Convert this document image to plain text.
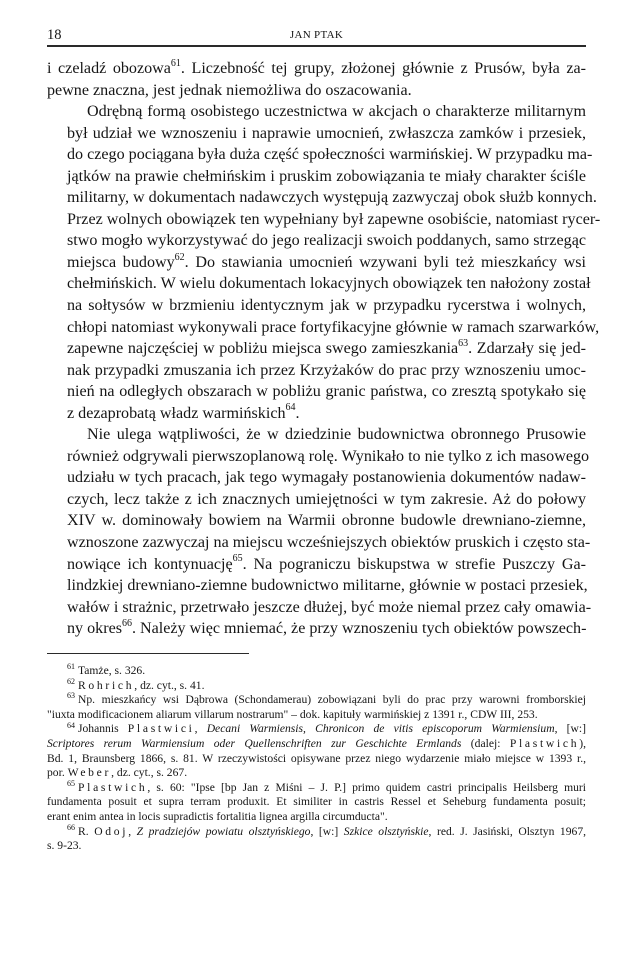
18	JAN PTAK

i czeladź obozowa$^{61}$. Liczebność tej grupy, złożonej głównie z Prusów, była za-
pewne znaczna, jest jednak niemożliwa do oszacowania.

Odrębną formą osobistego uczestnictwa w akcjach o charakterze militarnym
był udział we wznoszeniu i naprawie umocnień, zwłaszcza zamków i przesiek,
do czego pociągana była duża część społeczności warmińskiej. W przypadku ma-
jątków na prawie chełmińskim i pruskim zobowiązania te miały charakter ściśle
militarny, w dokumentach nadawczych występują zazwyczaj obok służb konnych.
Przez wolnych obowiązek ten wypełniany był zapewne osobiście, natomiast rycer-
stwo mogło wykorzystywać do jego realizacji swoich poddanych, samo strzegąc
miejsca budowy$^{62}$. Do stawiania umocnień wzywani byli też mieszkańcy wsi
chełmińskich. W wielu dokumentach lokacyjnych obowiązek ten nałożony został
na sołtysów w brzmieniu identycznym jak w przypadku rycerstwa i wolnych,
chłopi natomiast wykonywali prace fortyfikacyjne głównie w ramach szarwarków,
zapewne najczęściej w pobliżu miejsca swego zamieszkania$^{63}$. Zdarzały się jed-
nak przypadki zmuszania ich przez Krzyżaków do prac przy wznoszeniu umoc-
nień na odległych obszarach w pobliżu granic państwa, co zresztą spotykało się
z dezaprobatą władz warmińskich$^{64}$.

Nie ulega wątpliwości, że w dziedzinie budownictwa obronnego Prusowie
również odgrywali pierwszoplanową rolę. Wynikało to nie tylko z ich masowego
udziału w tych pracach, jak tego wymagały postanowienia dokumentów nadaw-
czych, lecz także z ich znacznych umiejętności w tym zakresie. Aż do połowy
XIV w. dominowały bowiem na Warmii obronne budowle drewniano-ziemne,
wznoszone zazwyczaj na miejscu wcześniejszych obiektów pruskich i często sta-
nowiące ich kontynuację$^{65}$. Na pograniczu biskupstwa w strefie Puszczy Ga-
lindzkiej drewniano-ziemne budownictwo militarne, głównie w postaci przesiek,
wałów i strażnic, przetrwało jeszcze dłużej, być może niemal przez cały omawia-
ny okres$^{66}$. Należy więc mniemać, że przy wznoszeniu tych obiektów powszech-

$^{61}$ Tamże, s. 326.
$^{62}$ Rohrich, dz. cyt., s. 41.
$^{63}$ Np. mieszkańcy wsi Dąbrowa (Schondamerau) zobowiązani byli do prac przy warowni fromborskiej
"iuxta modificacionem aliarum villarum nostrarum" – dok. kapituły warmińskiej z 1391 r., CDW III, 253.
$^{64}$ Johannis Plastwici, Decani Warmiensis, Chronicon de vitis episcoporum Warmiensium, [w:]
Scriptores rerum Warmiensium oder Quellenschriften zur Geschichte Ermlands (dalej: Plastwich),
Bd. 1, Braunsberg 1866, s. 81. W rzeczywistości opisywane przez niego wydarzenie miało miejsce w 1393 r.,
por. Weber, dz. cyt., s. 267.
$^{65}$ Plastwich, s. 60: "Ipse [bp Jan z Miśni – J. P.] primo quidem castri principalis Heilsberg muri
fundamenta posuit et supra terram produxit. Et similiter in castris Ressel et Seheburg fundamenta posuit;
erant enim antea in locis supradictis fortalitia lignea argilla circumducta".
$^{66}$ R. Odoj, Z pradziejów powiatu olsztyńskiego, [w:] Szkice olsztyńskie, red. J. Jasiński, Olsztyn 1967,
s. 9-23.
